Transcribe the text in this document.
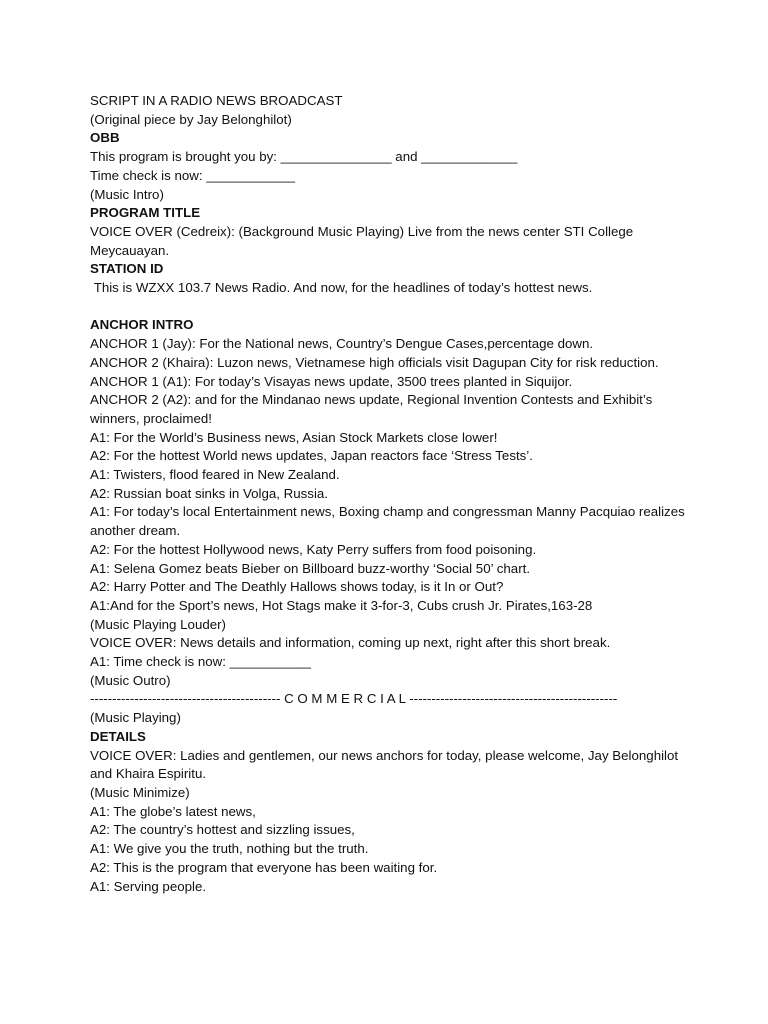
SCRIPT IN A RADIO NEWS BROADCAST

(Original piece by Jay Belonghilot)

OBB

This program is brought you by: _______________ and _____________

Time check is now: ____________

(Music Intro)

PROGRAM TITLE

VOICE OVER (Cedreix): (Background Music Playing) Live from the news center STI College Meycauayan.

STATION ID

This is WZXX 103.7 News Radio. And now, for the headlines of today’s hottest news.

ANCHOR INTRO

ANCHOR 1 (Jay): For the National news, Country’s Dengue Cases,percentage down.

ANCHOR 2 (Khaira): Luzon news, Vietnamese high officials visit Dagupan City for risk reduction.

ANCHOR 1 (A1): For today’s Visayas news update, 3500 trees planted in Siquijor.

ANCHOR 2 (A2): and for the Mindanao news update, Regional Invention Contests and Exhibit’s winners, proclaimed!

A1: For the World’s Business news, Asian Stock Markets close lower!

A2: For the hottest World news updates, Japan reactors face ‘Stress Tests’.

A1: Twisters, flood feared in New Zealand.

A2: Russian boat sinks in Volga, Russia.

A1: For today’s local Entertainment news, Boxing champ and congressman Manny Pacquiao realizes another dream.

A2: For the hottest Hollywood news, Katy Perry suffers from food poisoning.

A1: Selena Gomez beats Bieber on Billboard buzz-worthy ‘Social 50’ chart.

A2: Harry Potter and The Deathly Hallows shows today, is it In or Out?

A1:And for the Sport’s news, Hot Stags make it 3-for-3, Cubs crush Jr. Pirates,163-28

(Music Playing Louder)

VOICE OVER: News details and information, coming up next, right after this short break.

A1: Time check is now: ___________

(Music Outro)

------------------------------------------- C O M M E R C I A L -----------------------------------------------

(Music Playing)

DETAILS

VOICE OVER: Ladies and gentlemen, our news anchors for today, please welcome, Jay Belonghilot and Khaira Espiritu.

(Music Minimize)

A1: The globe’s latest news,

A2: The country’s hottest and sizzling issues,

A1: We give you the truth, nothing but the truth.

A2: This is the program that everyone has been waiting for.

A1: Serving people.
